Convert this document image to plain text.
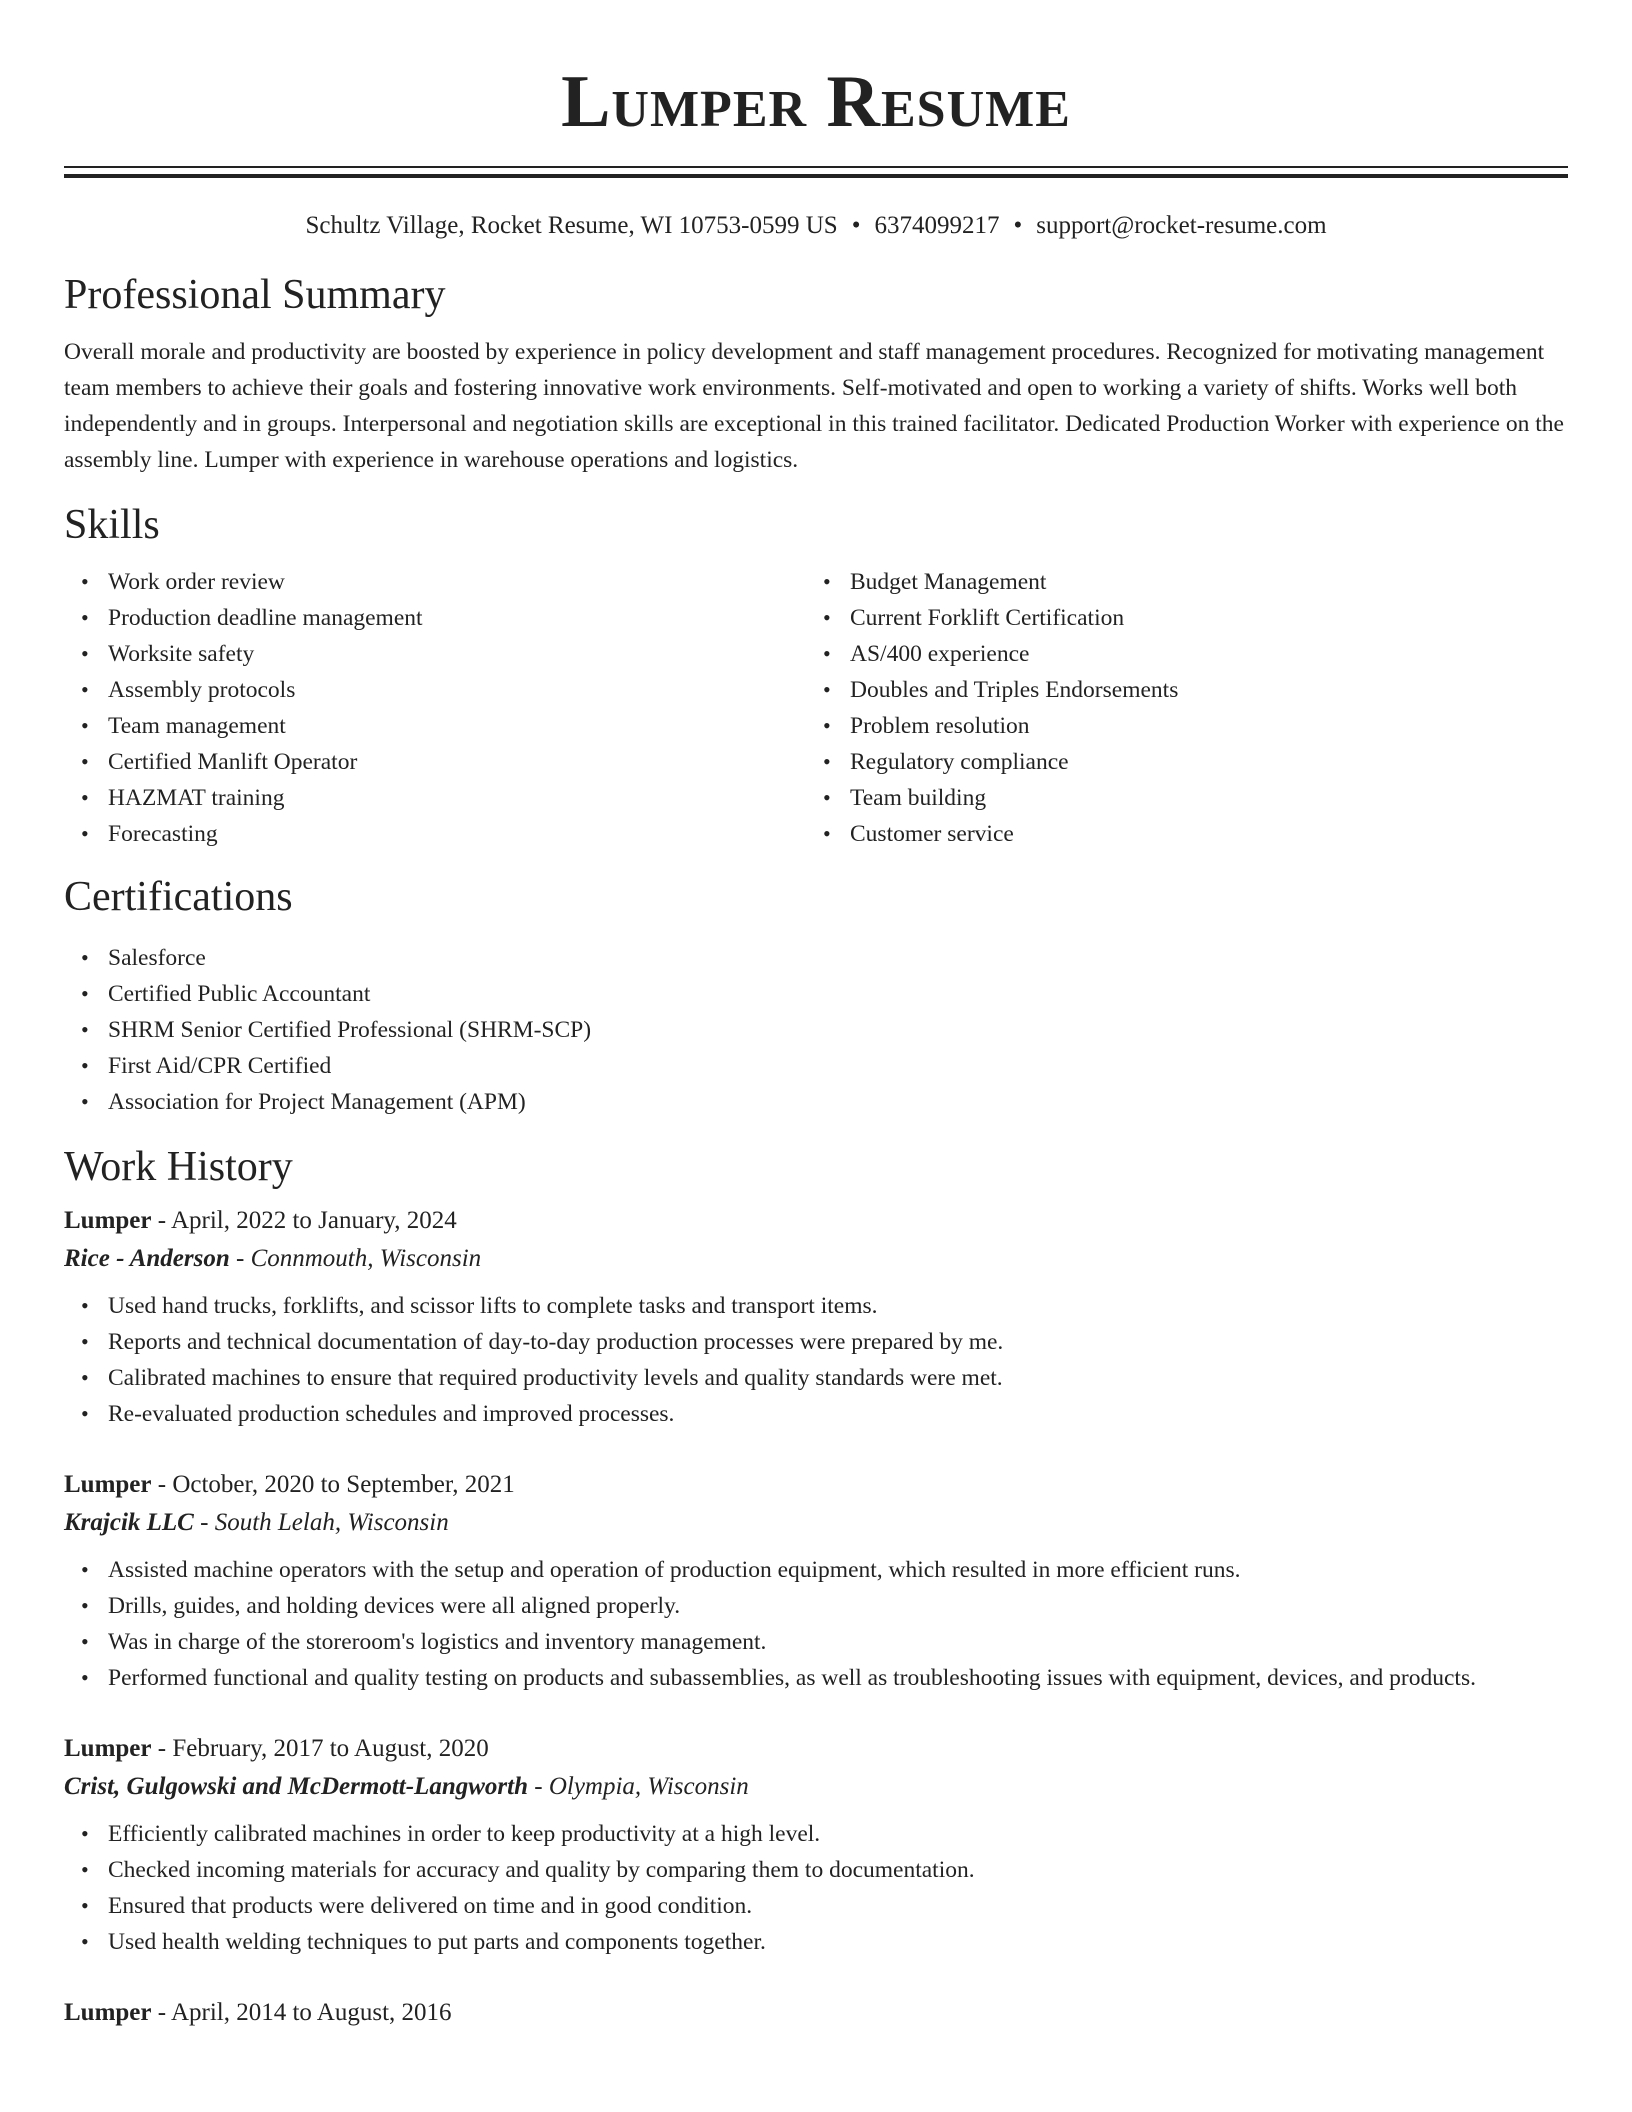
Lumper Resume
Schultz Village, Rocket Resume, WI 10753-0599 US • 6374099217 • support@rocket-resume.com
Professional Summary

Overall morale and productivity are boosted by experience in policy development and staff management procedures. Recognized for motivating management team members to achieve their goals and fostering innovative work environments. Self-motivated and open to working a variety of shifts. Works well both independently and in groups. Interpersonal and negotiation skills are exceptional in this trained facilitator. Dedicated Production Worker with experience on the assembly line. Lumper with experience in warehouse operations and logistics.

Skills
• Work order review
• Production deadline management
• Worksite safety
• Assembly protocols
• Team management
• Certified Manlift Operator
• HAZMAT training
• Forecasting
• Budget Management
• Current Forklift Certification
• AS/400 experience
• Doubles and Triples Endorsements
• Problem resolution
• Regulatory compliance
• Team building
• Customer service
Certifications
• Salesforce
• Certified Public Accountant
• SHRM Senior Certified Professional (SHRM-SCP)
• First Aid/CPR Certified
• Association for Project Management (APM)
Work History
Lumper - April, 2022 to January, 2024
Rice - Anderson - Connmouth, Wisconsin
• Used hand trucks, forklifts, and scissor lifts to complete tasks and transport items.
• Reports and technical documentation of day-to-day production processes were prepared by me.
• Calibrated machines to ensure that required productivity levels and quality standards were met.
• Re-evaluated production schedules and improved processes.
Lumper - October, 2020 to September, 2021
Krajcik LLC - South Lelah, Wisconsin
• Assisted machine operators with the setup and operation of production equipment, which resulted in more efficient runs.
• Drills, guides, and holding devices were all aligned properly.
• Was in charge of the storeroom's logistics and inventory management.
• Performed functional and quality testing on products and subassemblies, as well as troubleshooting issues with equipment, devices, and products.
Lumper - February, 2017 to August, 2020
Crist, Gulgowski and McDermott-Langworth - Olympia, Wisconsin
• Efficiently calibrated machines in order to keep productivity at a high level.
• Checked incoming materials for accuracy and quality by comparing them to documentation.
• Ensured that products were delivered on time and in good condition.
• Used health welding techniques to put parts and components together.
Lumper - April, 2014 to August, 2016
